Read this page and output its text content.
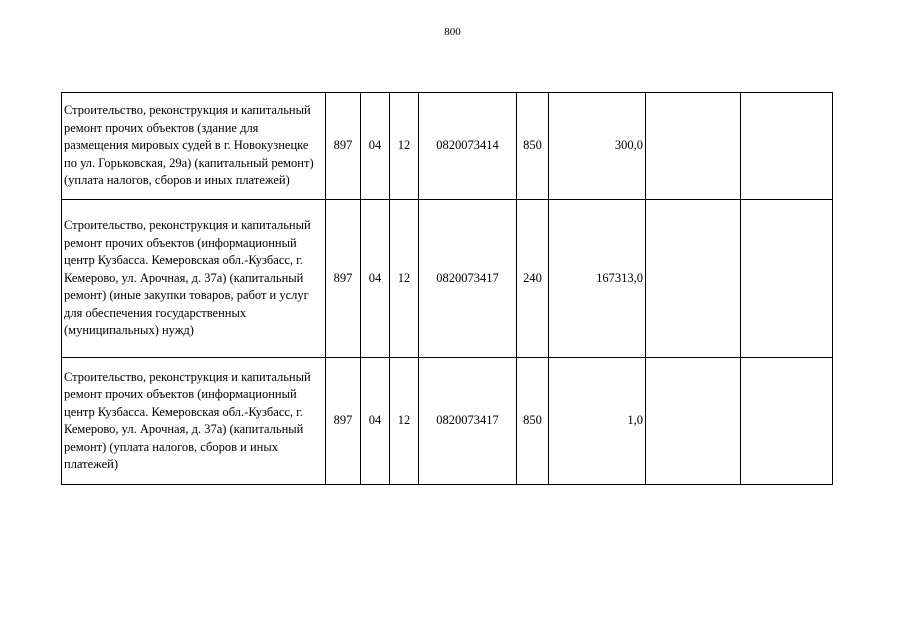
800
Строительство, реконструкция и капитальный ремонт прочих объектов (здание для размещения мировых судей в г. Новокузнецке по ул. Горьковская, 29а) (капитальный ремонт) (уплата налогов, сборов и иных платежей)	897	04	12	0820073414	850	300,0		
Строительство, реконструкция и капитальный ремонт прочих объектов (информационный центр Кузбасса. Кемеровская обл.-Кузбасс, г. Кемерово, ул. Арочная, д. 37а) (капитальный ремонт) (иные закупки товаров, работ и услуг для обеспечения государственных (муниципальных) нужд)	897	04	12	0820073417	240	167313,0		
Строительство, реконструкция и капитальный ремонт прочих объектов (информационный центр Кузбасса. Кемеровская обл.-Кузбасс, г. Кемерово, ул. Арочная, д. 37а) (капитальный ремонт) (уплата налогов, сборов и иных платежей)	897	04	12	0820073417	850	1,0		
